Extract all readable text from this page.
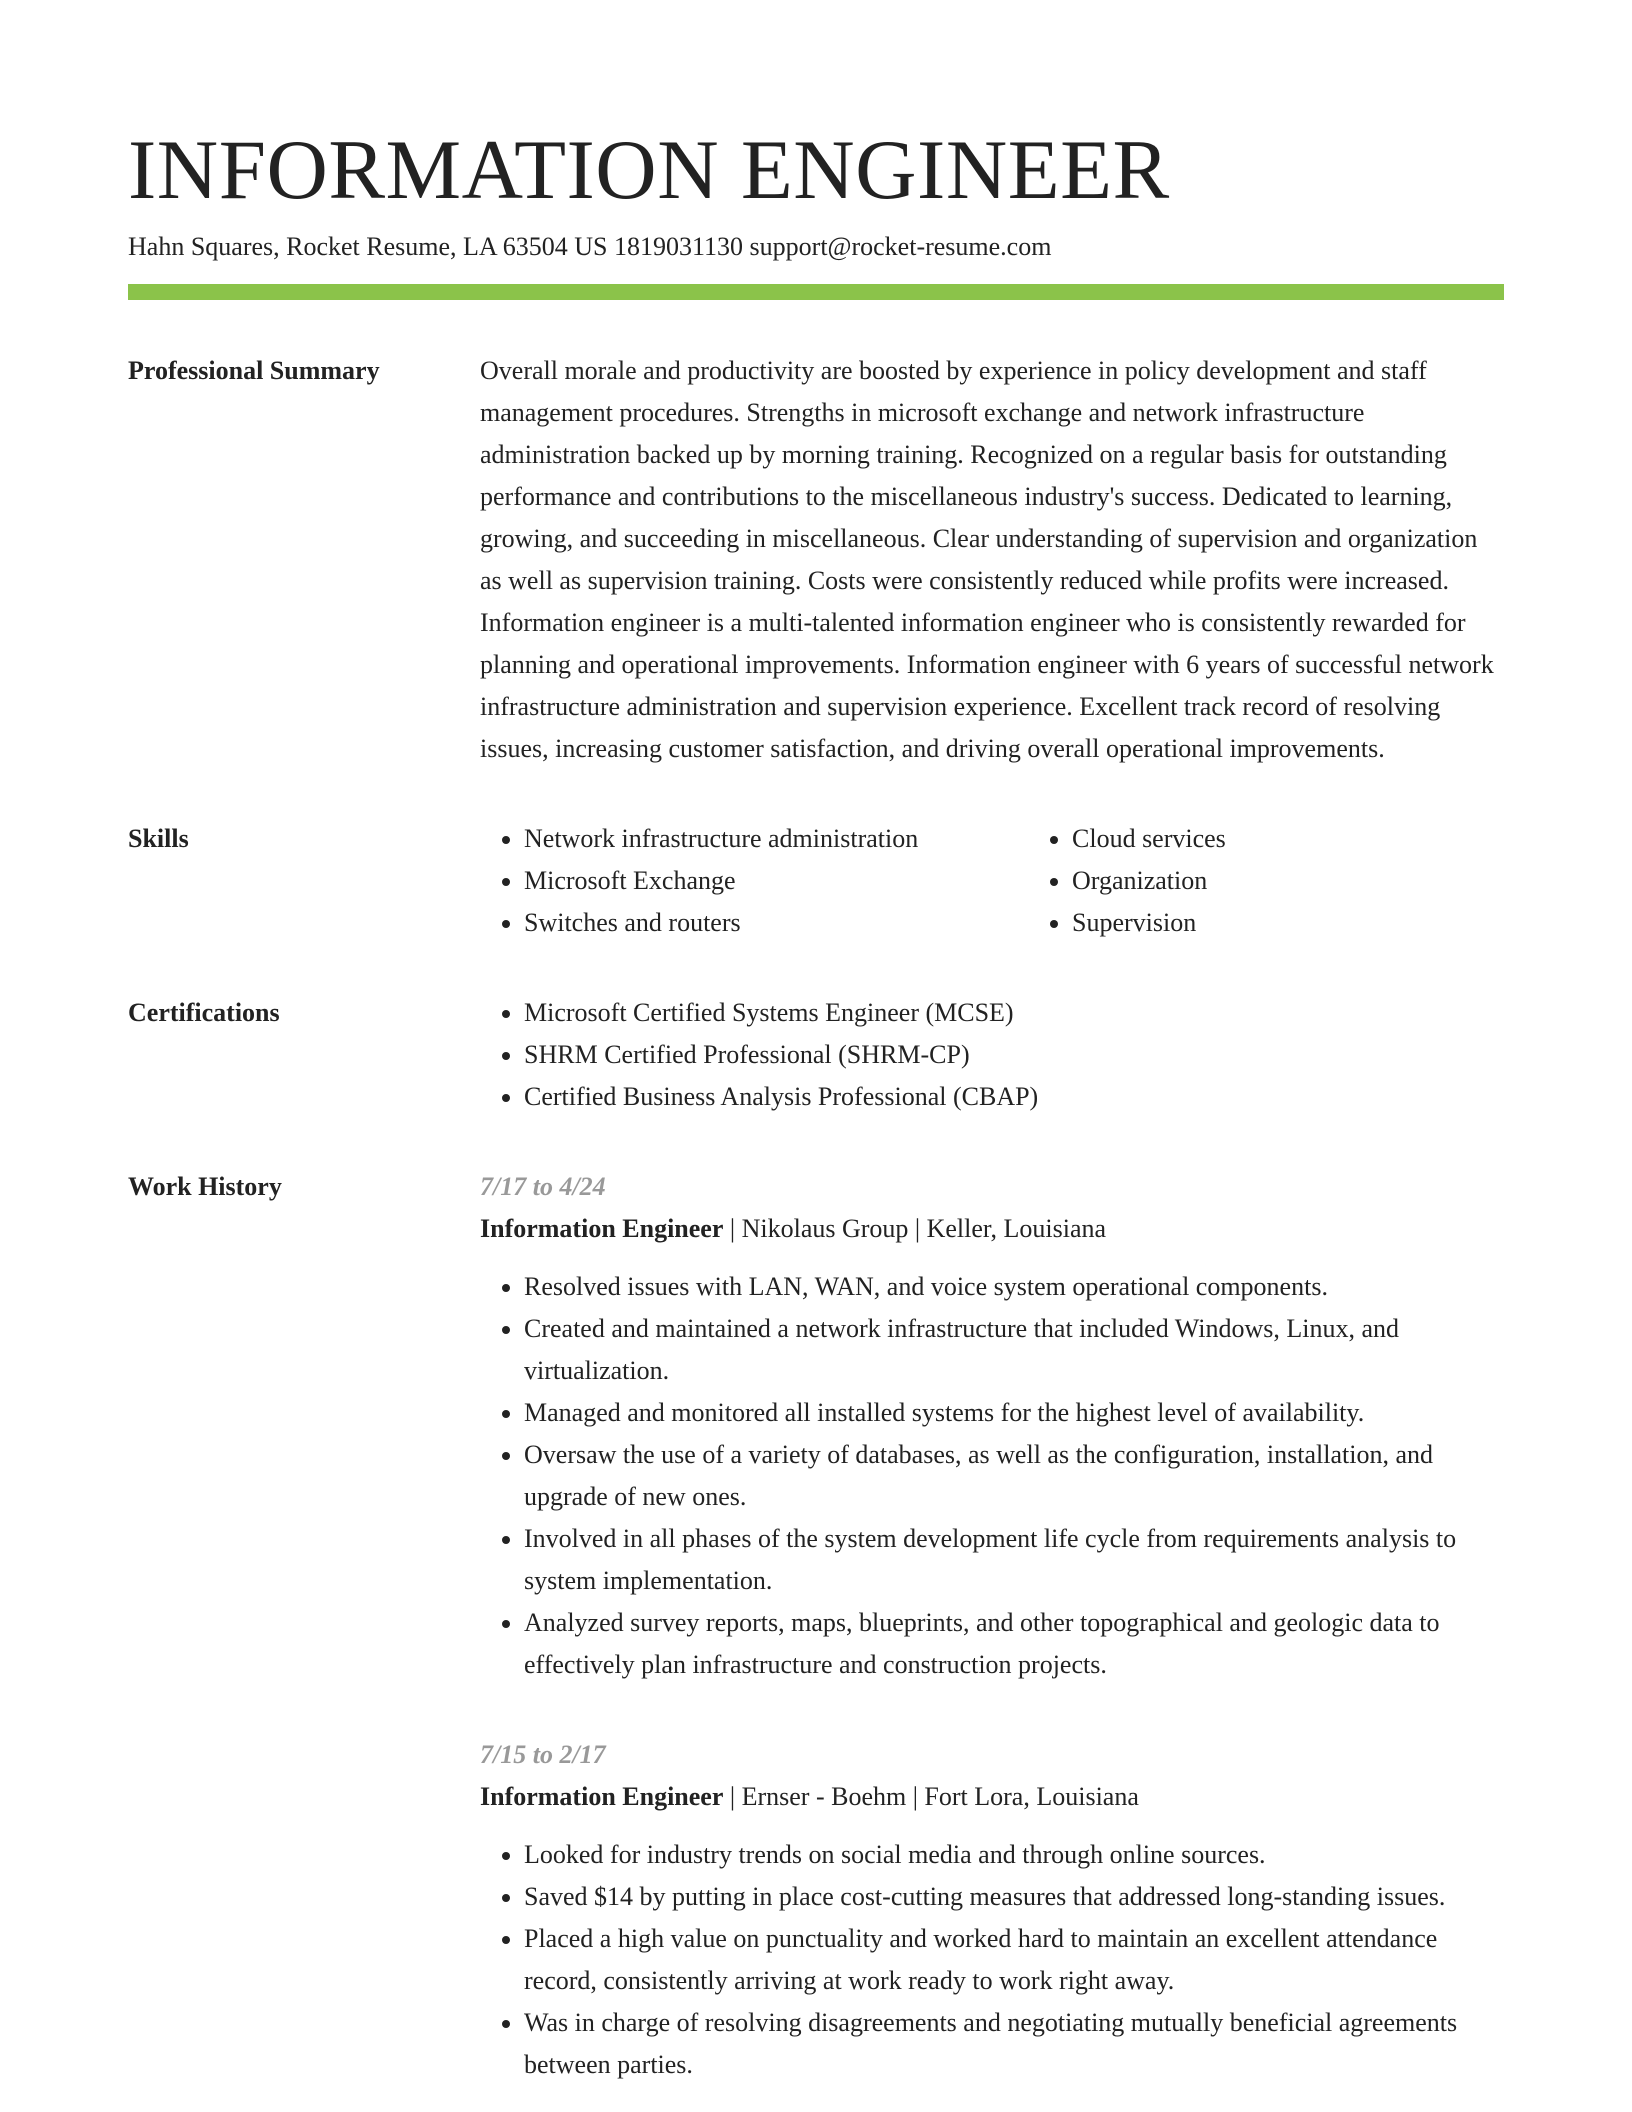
INFORMATION ENGINEER
Hahn Squares, Rocket Resume, LA 63504 US 1819031130 support@rocket-resume.com
Professional Summary	Overall morale and productivity are boosted by experience in policy development and staff management procedures. Strengths in microsoft exchange and network infrastructure administration backed up by morning training. Recognized on a regular basis for outstanding performance and contributions to the miscellaneous industry's success. Dedicated to learning, growing, and succeeding in miscellaneous. Clear understanding of supervision and organization as well as supervision training. Costs were consistently reduced while profits were increased. Information engineer is a multi-talented information engineer who is consistently rewarded for planning and operational improvements. Information engineer with 6 years of successful network infrastructure administration and supervision experience. Excellent track record of resolving issues, increasing customer satisfaction, and driving overall operational improvements.

Skills	• Network infrastructure administration
• Microsoft Exchange
• Switches and routers
• Cloud services
• Organization
• Supervision
Certifications	• Microsoft Certified Systems Engineer (MCSE)
• SHRM Certified Professional (SHRM-CP)
• Certified Business Analysis Professional (CBAP)
Work History	7/17 to 4/24
Information Engineer | Nikolaus Group | Keller, Louisiana
• Resolved issues with LAN, WAN, and voice system operational components.
• Created and maintained a network infrastructure that included Windows, Linux, and virtualization.
• Managed and monitored all installed systems for the highest level of availability.
• Oversaw the use of a variety of databases, as well as the configuration, installation, and upgrade of new ones.
• Involved in all phases of the system development life cycle from requirements analysis to system implementation.
• Analyzed survey reports, maps, blueprints, and other topographical and geologic data to effectively plan infrastructure and construction projects.
7/15 to 2/17
Information Engineer | Ernser - Boehm | Fort Lora, Louisiana
• Looked for industry trends on social media and through online sources.
• Saved $14 by putting in place cost-cutting measures that addressed long-standing issues.
• Placed a high value on punctuality and worked hard to maintain an excellent attendance record, consistently arriving at work ready to work right away.
• Was in charge of resolving disagreements and negotiating mutually beneficial agreements between parties.
